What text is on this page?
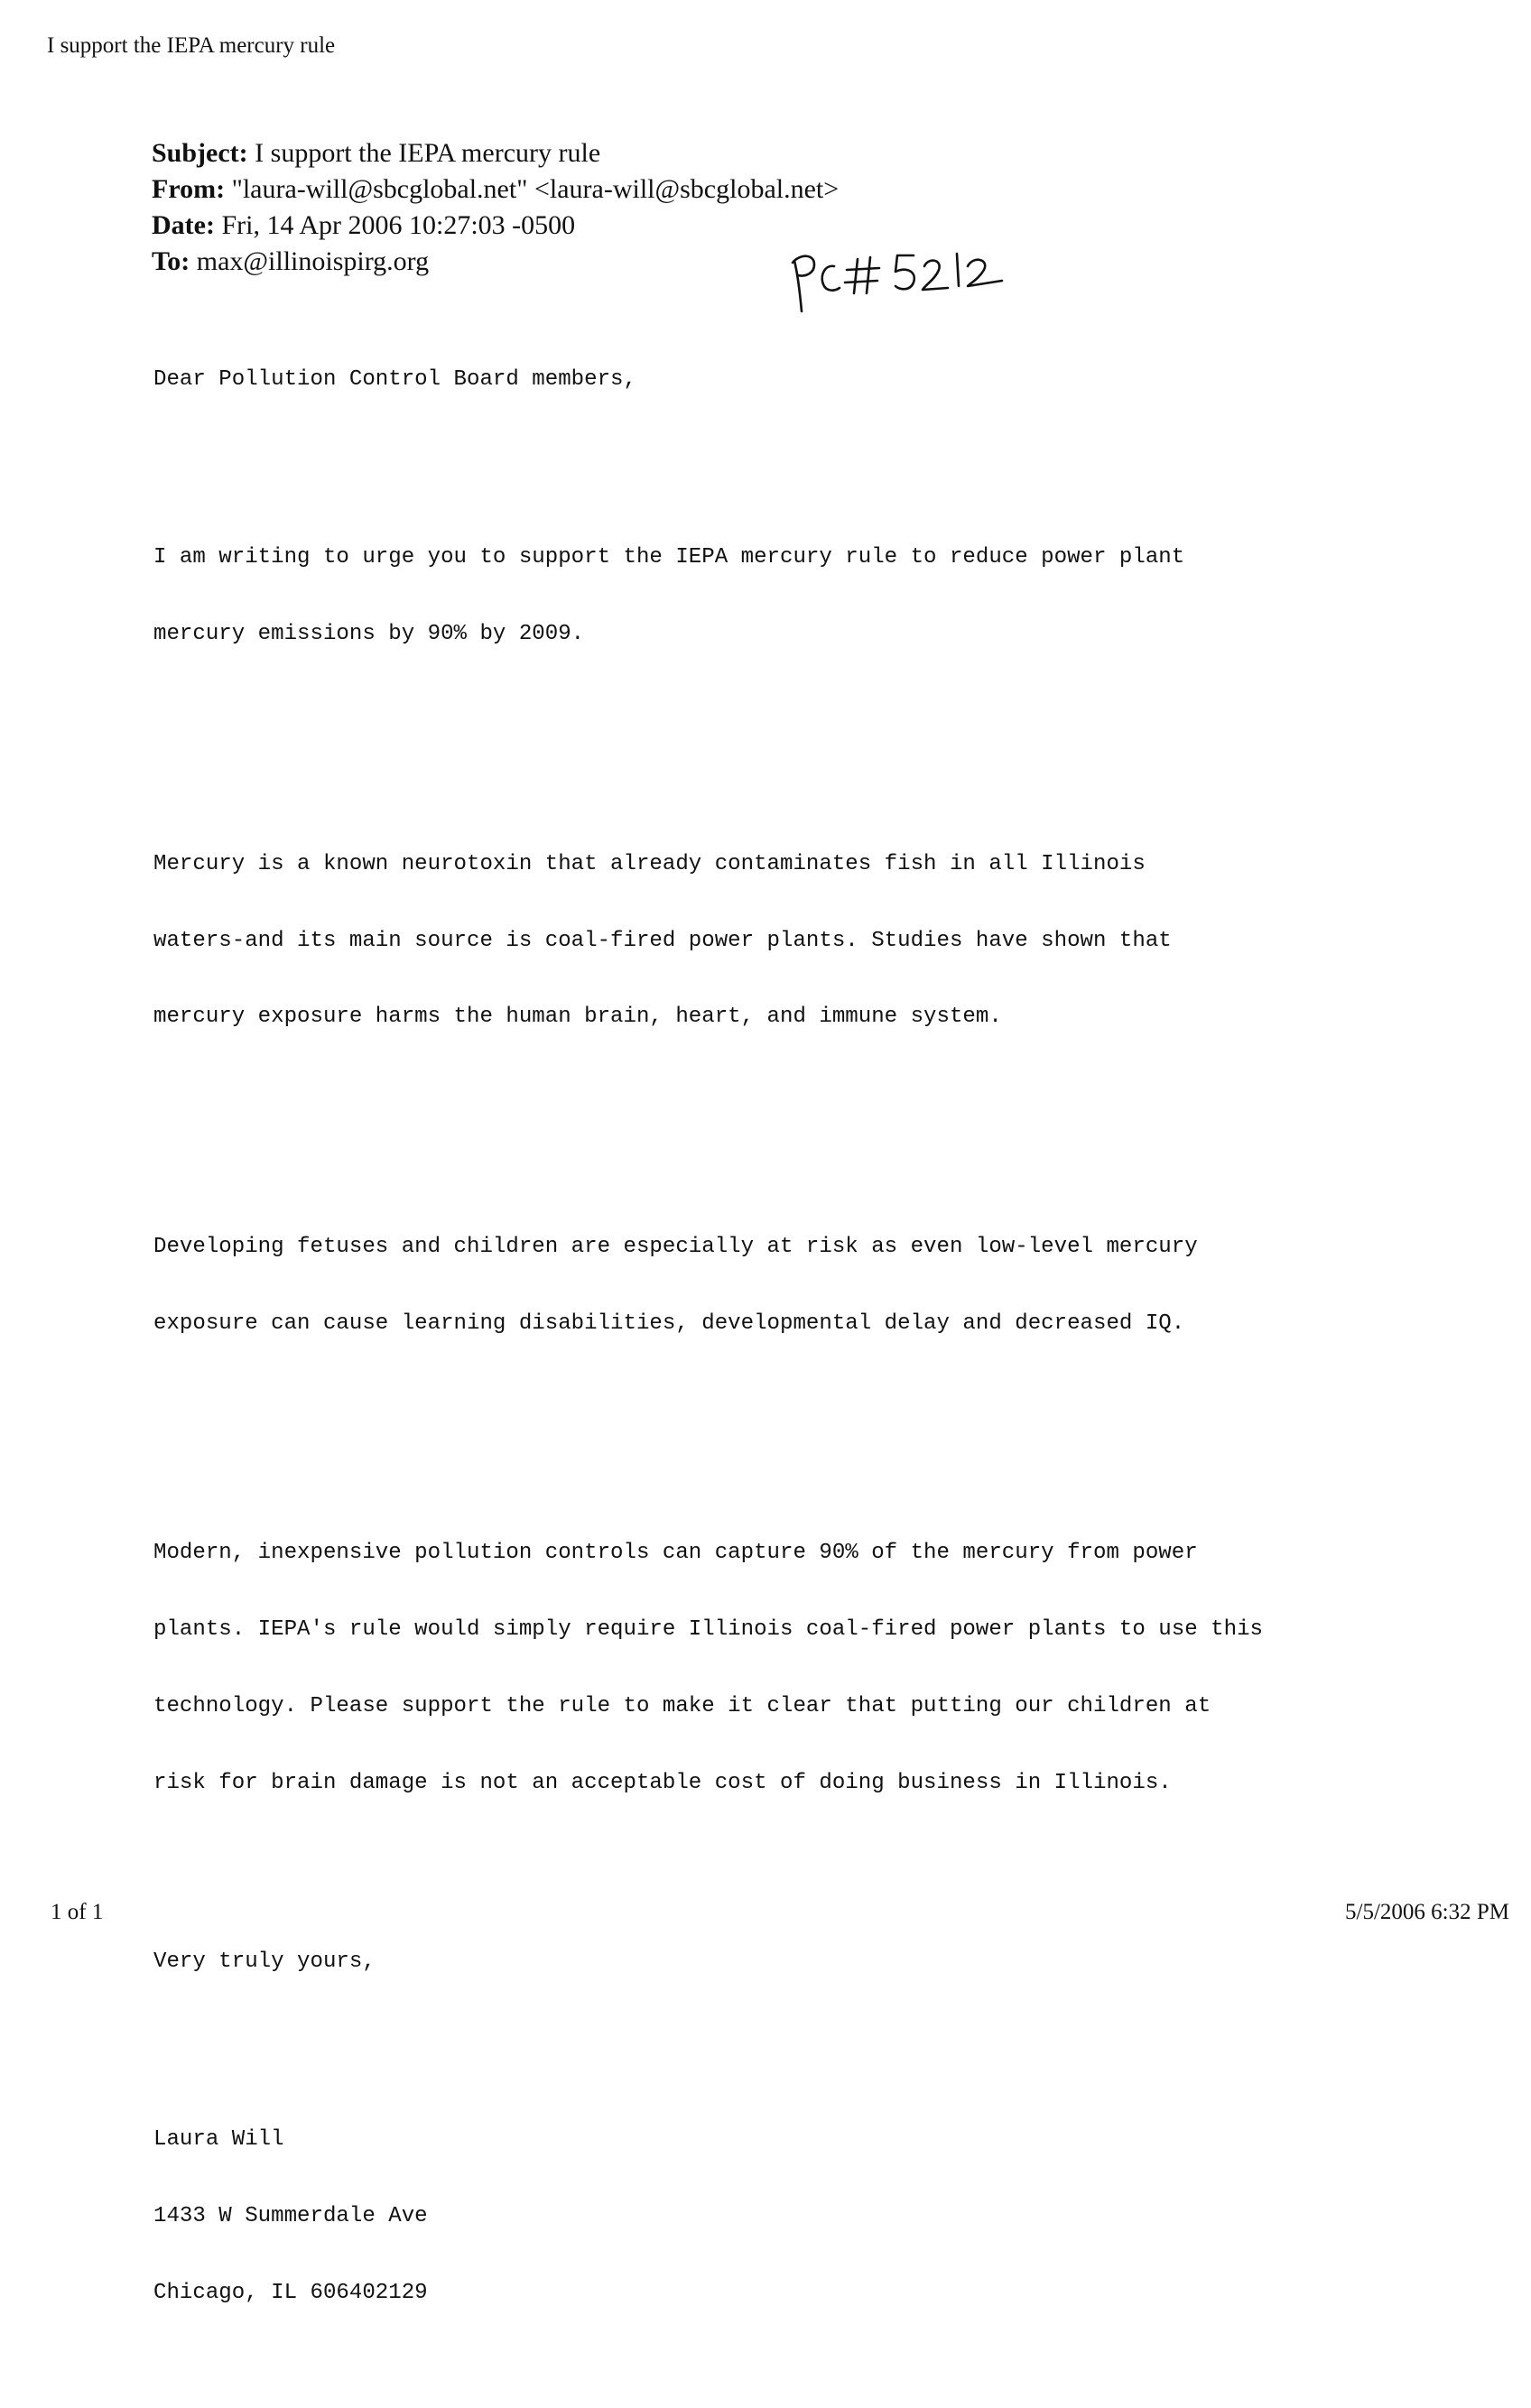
I support the IEPA mercury rule
Subject: I support the IEPA mercury rule
From: "laura-will@sbcglobal.net" <laura-will@sbcglobal.net>
Date: Fri, 14 Apr 2006 10:27:03 -0500
To: max@illinoispirg.org

Dear Pollution Control Board members,

I am writing to urge you to support the IEPA mercury rule to reduce power plant

mercury emissions by 90% by 2009.

Mercury is a known neurotoxin that already contaminates fish in all Illinois

waters-and its main source is coal-fired power plants. Studies have shown that

mercury exposure harms the human brain, heart, and immune system.

Developing fetuses and children are especially at risk as even low-level mercury

exposure can cause learning disabilities, developmental delay and decreased IQ.

Modern, inexpensive pollution controls can capture 90% of the mercury from power

plants. IEPA's rule would simply require Illinois coal-fired power plants to use this

technology. Please support the rule to make it clear that putting our children at

risk for brain damage is not an acceptable cost of doing business in Illinois.

Very truly yours,

Laura Will

1433 W Summerdale Ave

Chicago, IL 606402129

1 of 1	5/5/2006 6:32 PM
